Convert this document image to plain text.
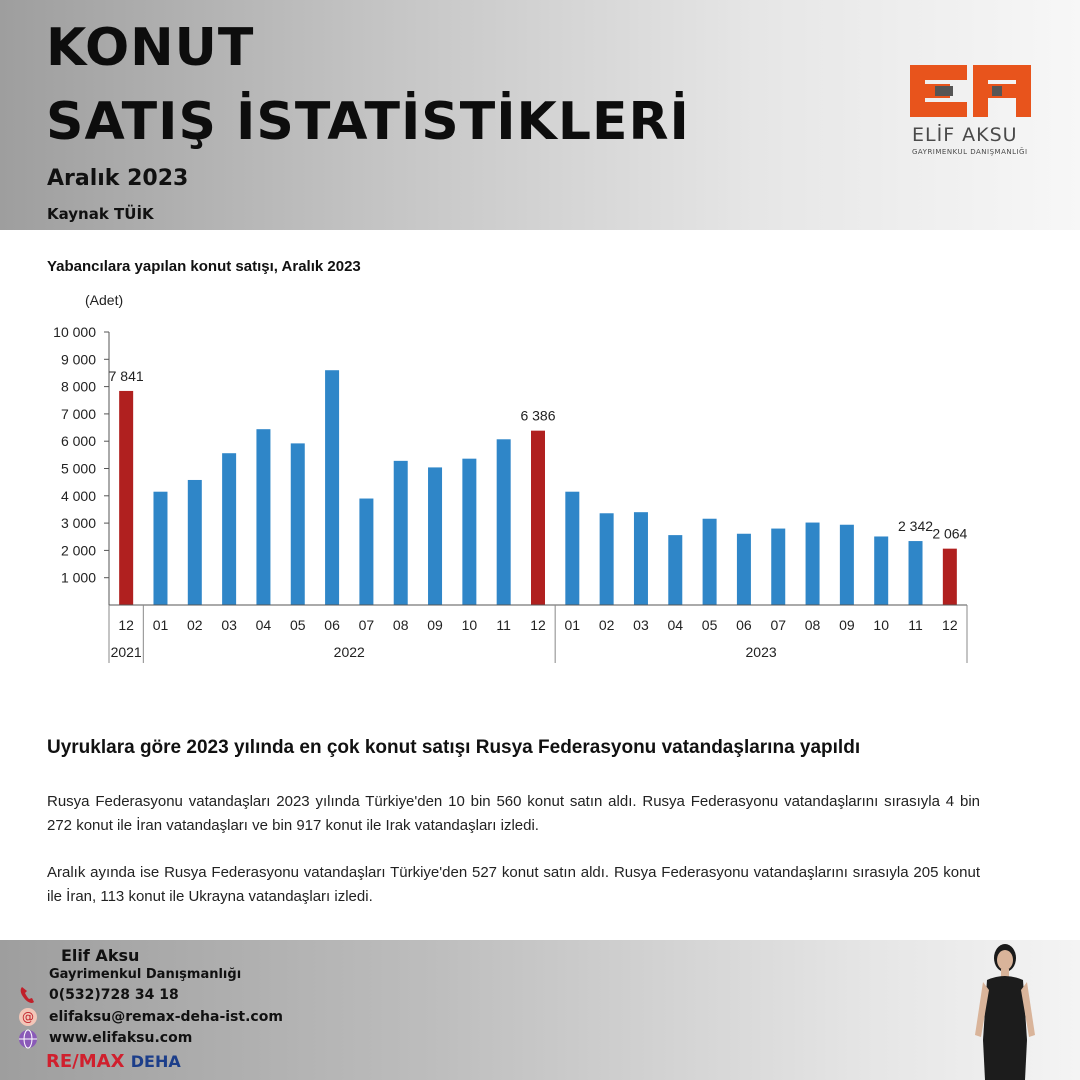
KONUT
SATIŞ İSTATİSTİKLERİ
Aralık 2023
Kaynak TÜİK
ELİF AKSU
GAYRIMENKUL DANIŞMANLIĞI
Yabancılara yapılan konut satışı, Aralık 2023
(Adet)
1 000
2 000
3 000
4 000
5 000
6 000
7 000
8 000
9 000
10 000
7 841
6 386
2 342 2 064
12 01 02 03 04 05 06 07 08 09 10 11 12 01 02 03 04 05 06 07 08 09 10 11 12
2021	2022	2023
Uyruklara göre 2023 yılında en çok konut satışı Rusya Federasyonu vatandaşlarına yapıldı
Rusya Federasyonu vatandaşları 2023 yılında Türkiye'den 10 bin 560 konut satın aldı. Rusya Federasyonu vatandaşlarını sırasıyla 4 bin 272 konut ile İran vatandaşları ve bin 917 konut ile Irak vatandaşları izledi.
Aralık ayında ise Rusya Federasyonu vatandaşları Türkiye'den 527 konut satın aldı. Rusya Federasyonu vatandaşlarını sırasıyla 205 konut ile İran, 113 konut ile Ukrayna vatandaşları izledi.
Elif Aksu
Gayrimenkul Danışmanlığı
0(532)728 34 18
@ elifaksu@remax-deha-ist.com
www.elifaksu.com
RE/MAX DEHA
